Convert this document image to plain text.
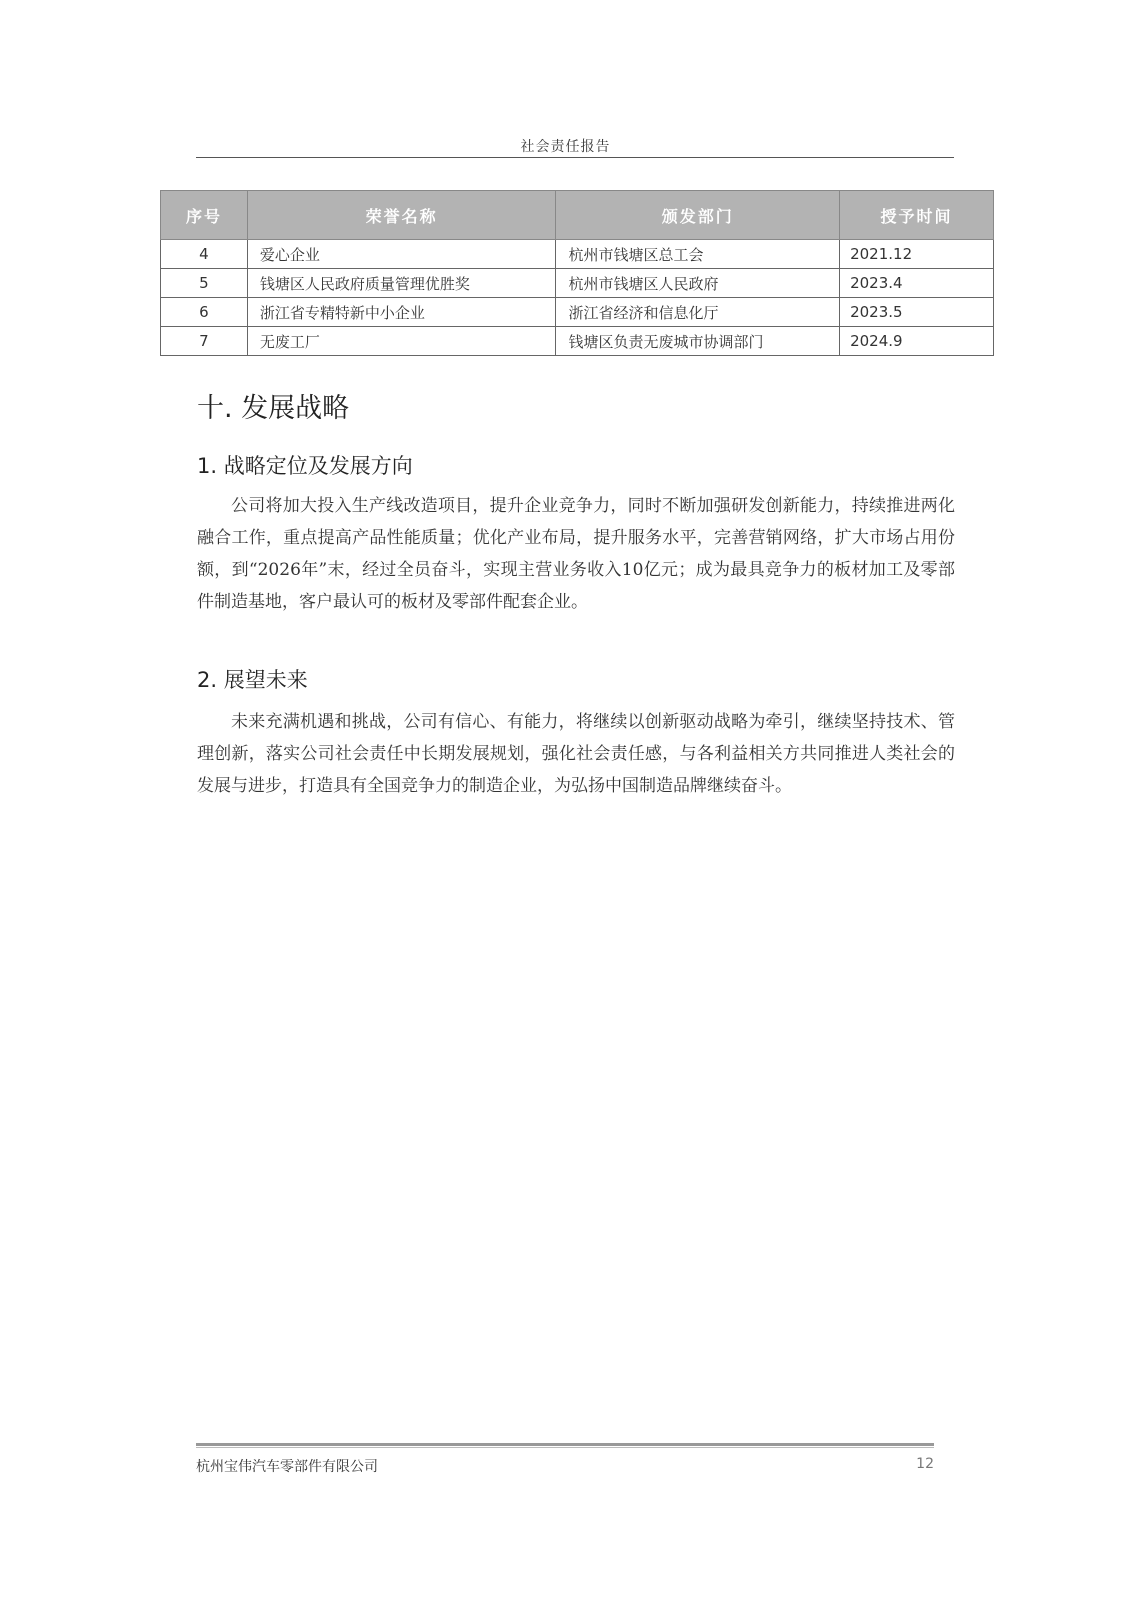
社会责任报告
序号	荣誉名称	颁发部门	授予时间
4	爱心企业	杭州市钱塘区总工会	2021.12
5	钱塘区人民政府质量管理优胜奖	杭州市钱塘区人民政府	2023.4
6	浙江省专精特新中小企业	浙江省经济和信息化厅	2023.5
7	无废工厂	钱塘区负责无废城市协调部门	2024.9
十. 发展战略
1. 战略定位及发展方向

公司将加大投入生产线改造项目，提升企业竞争力，同时不断加强研发创新能力，持续推进两化融合工作，重点提高产品性能质量；优化产业布局，提升服务水平，完善营销网络，扩大市场占用份额，到“2026年”末，经过全员奋斗，实现主营业务收入10亿元；成为最具竞争力的板材加工及零部件制造基地，客户最认可的板材及零部件配套企业。

2. 展望未来

未来充满机遇和挑战，公司有信心、有能力，将继续以创新驱动战略为牵引，继续坚持技术、管理创新，落实公司社会责任中长期发展规划，强化社会责任感，与各利益相关方共同推进人类社会的发展与进步，打造具有全国竞争力的制造企业，为弘扬中国制造品牌继续奋斗。

杭州宝伟汽车零部件有限公司	12
